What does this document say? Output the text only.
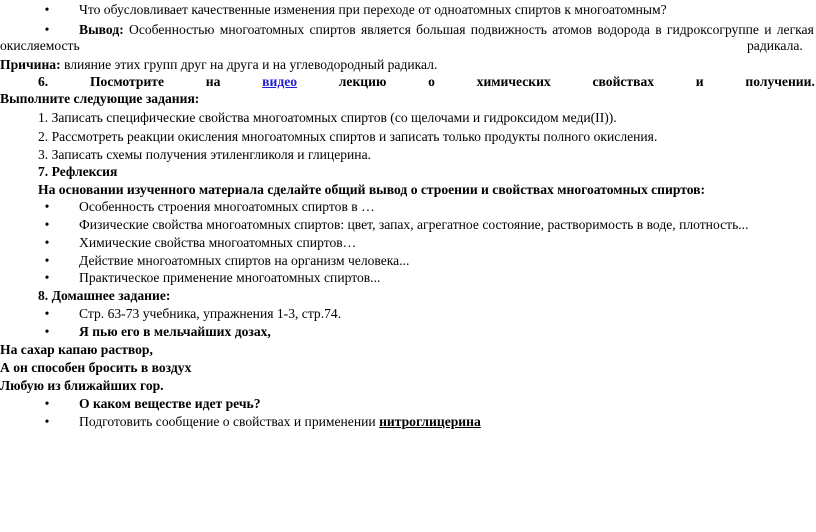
• Что обусловливает качественные изменения при переходе от одноатомных спиртов к многоатомным?
• Вывод: Особенностью многоатомных спиртов является большая подвижность атомов водорода в гидроксогруппе и легкая
окисляемость	радикала.
Причина: влияние этих групп друг на друга и на углеводородный радикал.
6.	Посмотрите	на	видео	лекцию	о	химических	свойствах	и	получении.
Выполните следующие задания:
1. Записать специфические свойства многоатомных спиртов (со щелочами и гидроксидом меди(II)).
2. Рассмотреть реакции окисления многоатомных спиртов и записать только продукты полного окисления.
3. Записать схемы получения этиленгликоля и глицерина.
7. Рефлексия
На основании изученного материала сделайте общий вывод о строении и свойствах многоатомных спиртов:
• Особенность строения многоатомных спиртов в …
• Физические свойства многоатомных спиртов: цвет, запах, агрегатное состояние, растворимость в воде, плотность...
• Химические свойства многоатомных спиртов…
• Действие многоатомных спиртов на организм человека...
• Практическое применение многоатомных спиртов...
8. Домашнее задание:
• Стр. 63-73 учебника, упражнения 1-3, стр.74.
• Я пью его в мельчайших дозах,
На сахар капаю раствор,
А он способен бросить в воздух
Любую из ближайших гор.
• О каком веществе идет речь?
• Подготовить сообщение о свойствах и применении нитроглицерина
